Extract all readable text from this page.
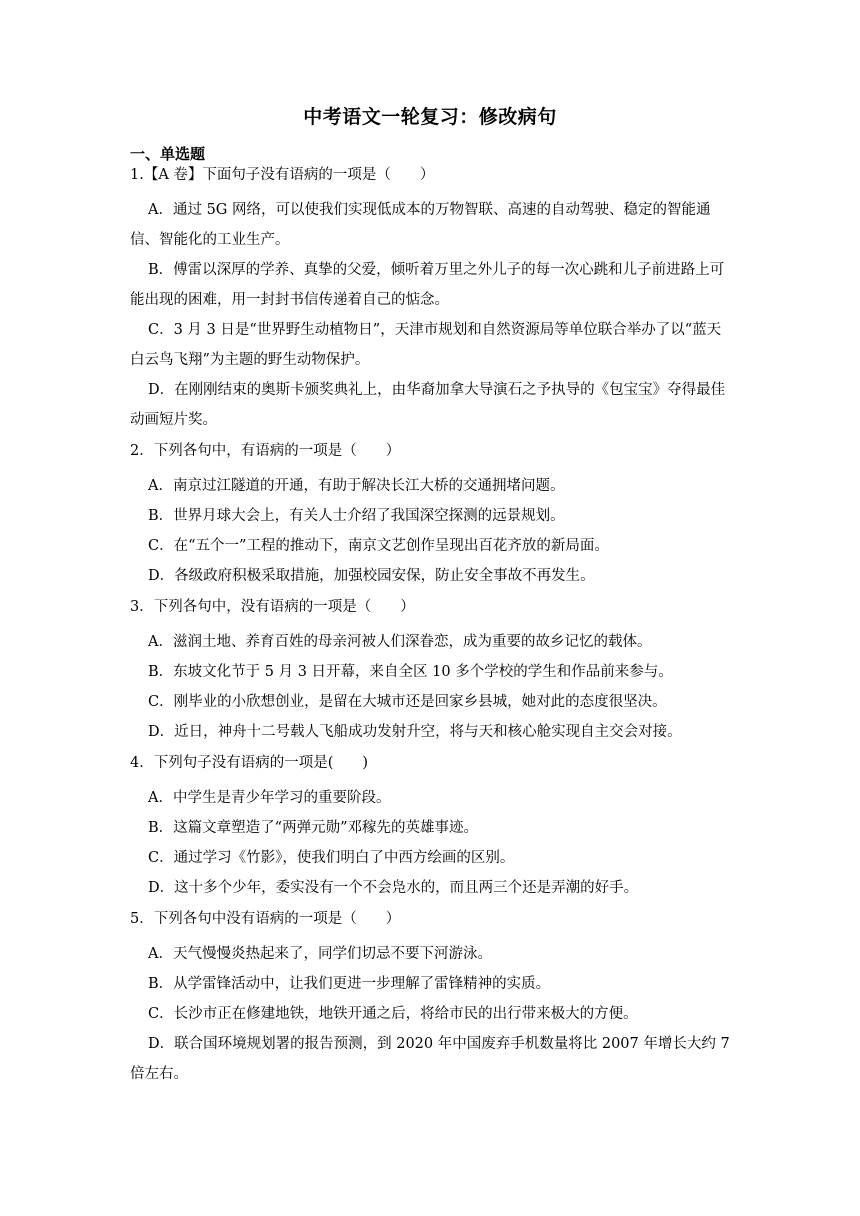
中考语文一轮复习：修改病句
一、单选题

1.【A 卷】下面句子没有语病的一项是（　　）

A．通过 5G 网络，可以使我们实现低成本的万物智联、高速的自动驾驶、稳定的智能通信、智能化的工业生产。

B．傅雷以深厚的学养、真挚的父爱，倾听着万里之外儿子的每一次心跳和儿子前进路上可能出现的困难，用一封封书信传递着自己的惦念。

C．3 月 3 日是“世界野生动植物日”，天津市规划和自然资源局等单位联合举办了以“蓝天白云鸟飞翔”为主题的野生动物保护。

D．在刚刚结束的奥斯卡颁奖典礼上，由华裔加拿大导演石之予执导的《包宝宝》夺得最佳动画短片奖。

2．下列各句中，有语病的一项是（　　）

A．南京过江隧道的开通，有助于解决长江大桥的交通拥堵问题。

B．世界月球大会上，有关人士介绍了我国深空探测的远景规划。

C．在“五个一”工程的推动下，南京文艺创作呈现出百花齐放的新局面。

D．各级政府积极采取措施，加强校园安保，防止安全事故不再发生。

3．下列各句中，没有语病的一项是（　　）

A．滋润土地、养育百姓的母亲河被人们深眷恋，成为重要的故乡记忆的载体。

B．东坡文化节于 5 月 3 日开幕，来自全区 10 多个学校的学生和作品前来参与。

C．刚毕业的小欣想创业，是留在大城市还是回家乡县城，她对此的态度很坚决。

D．近日，神舟十二号载人飞船成功发射升空，将与天和核心舱实现自主交会对接。

4．下列句子没有语病的一项是(　　)

A．中学生是青少年学习的重要阶段。

B．这篇文章塑造了“两弹元勋”邓稼先的英雄事迹。

C．通过学习《竹影》，使我们明白了中西方绘画的区别。

D．这十多个少年，委实没有一个不会凫水的，而且两三个还是弄潮的好手。

5．下列各句中没有语病的一项是（　　）

A．天气慢慢炎热起来了，同学们切忌不要下河游泳。

B．从学雷锋活动中，让我们更进一步理解了雷锋精神的实质。

C．长沙市正在修建地铁，地铁开通之后，将给市民的出行带来极大的方便。

D．联合国环境规划署的报告预测，到 2020 年中国废弃手机数量将比 2007 年增长大约 7 倍左右。
